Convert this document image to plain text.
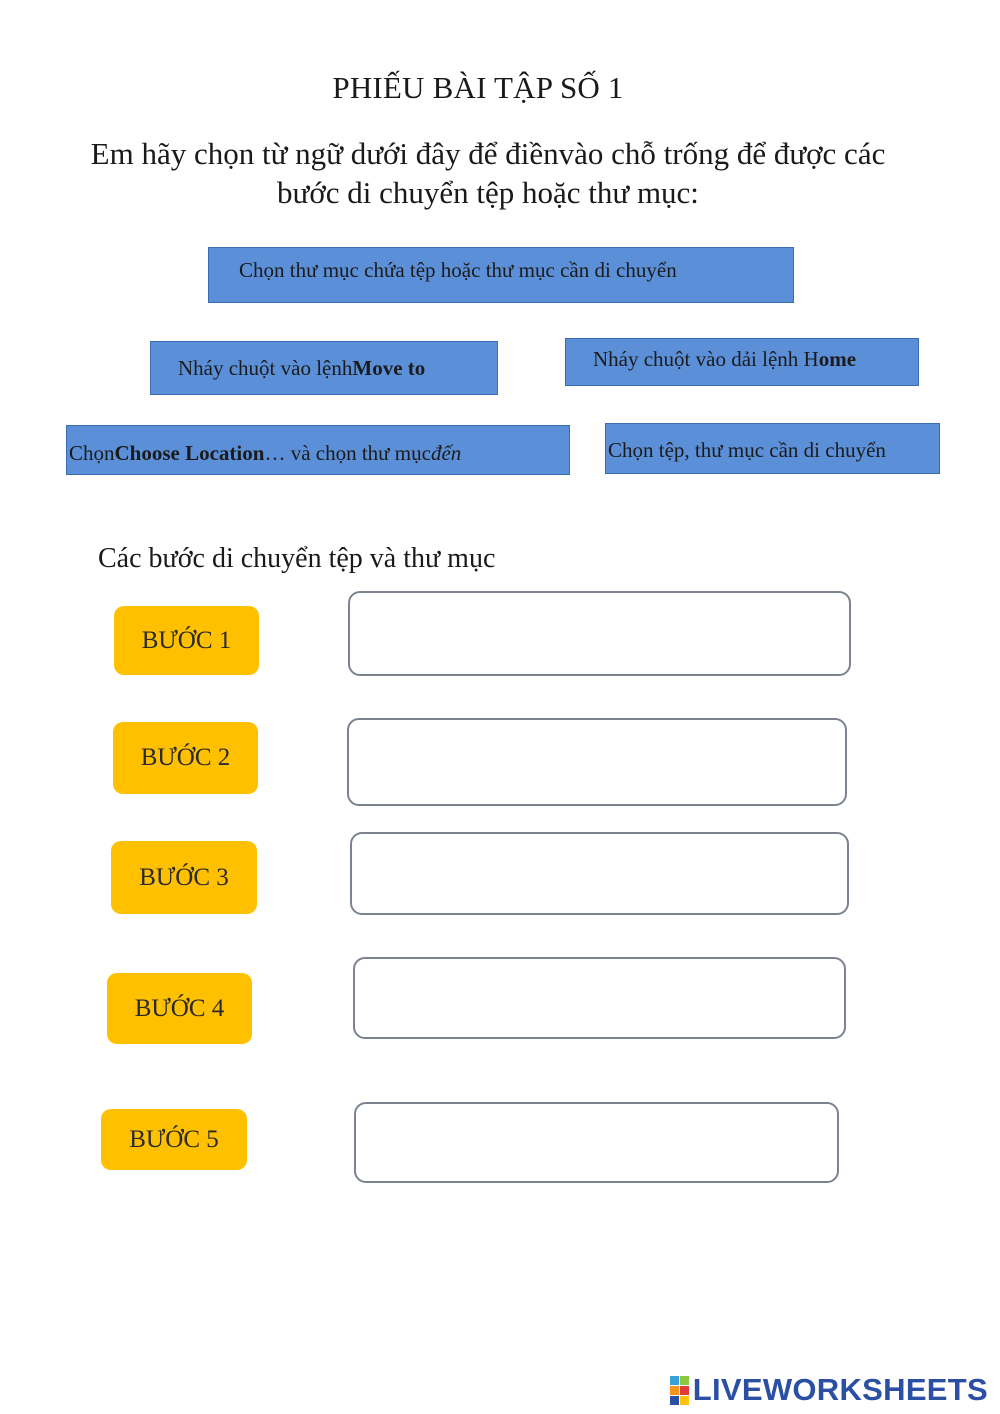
PHIẾU BÀI TẬP SỐ 1
Em hãy chọn từ ngữ dưới đây để điềnvào chỗ trống để được các
bước di chuyển tệp hoặc thư mục:
Chọn thư mục chứa tệp hoặc thư mục cần di chuyển
Nháy chuột vào lệnh Move to	Nháy chuột vào dải lệnh H ome
Chọn Choose Location … và chọn thư mục đến	Chọn tệp, thư mục cần di chuyển
Các bước di chuyển tệp và thư mục
BƯỚC 1
BƯỚC 2
BƯỚC 3
BƯỚC 4
BƯỚC 5
LIVEWORKSHEETS
